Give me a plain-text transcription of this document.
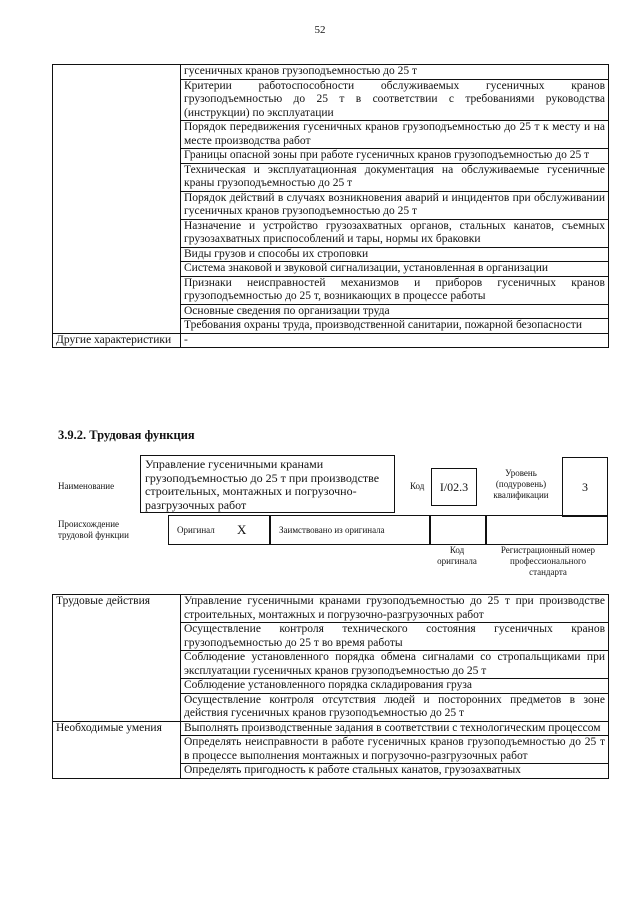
52
	гусеничных кранов грузоподъемностью до 25 т
	Критерии работоспособности обслуживаемых гусеничных кранов грузоподъемностью до 25 т в соответствии с требованиями руководства (инструкции) по эксплуатации
	Порядок передвижения гусеничных кранов грузоподъемностью до 25 т к месту и на месте производства работ
	Границы опасной зоны при работе гусеничных кранов грузоподъемностью до 25 т
	Техническая и эксплуатационная документация на обслуживаемые гусеничные краны грузоподъемностью до 25 т
	Порядок действий в случаях возникновения аварий и инцидентов при обслуживании гусеничных кранов грузоподъемностью до 25 т
	Назначение и устройство грузозахватных органов, стальных канатов, съемных грузозахватных приспособлений и тары, нормы их браковки
	Виды грузов и способы их строповки
	Система знаковой и звуковой сигнализации, установленная в организации
	Признаки неисправностей механизмов и приборов гусеничных кранов грузоподъемностью до 25 т, возникающих в процессе работы
	Основные сведения по организации труда
	Требования охраны труда, производственной санитарии, пожарной безопасности
Другие характеристики	-
3.9.2. Трудовая функция
Наименование
Управление гусеничными кранами грузоподъемностью до 25 т при производстве строительных, монтажных и погрузочно-разгрузочных работ
Код	I/02.3
Уровень (подуровень) квалификации
3
Происхождение трудовой функции	Оригинал X	Заимствовано из оригинала
Код оригинала
Регистрационный номер профессионального стандарта
Трудовые действия	Управление гусеничными кранами грузоподъемностью до 25 т при производстве строительных, монтажных и погрузочно-разгрузочных работ
	Осуществление контроля технического состояния гусеничных кранов грузоподъемностью до 25 т во время работы
	Соблюдение установленного порядка обмена сигналами со стропальщиками при эксплуатации гусеничных кранов грузоподъемностью до 25 т
	Соблюдение установленного порядка складирования груза
	Осуществление контроля отсутствия людей и посторонних предметов в зоне действия гусеничных кранов грузоподъемностью до 25 т
Необходимые умения	Выполнять производственные задания в соответствии с технологическим процессом
	Определять неисправности в работе гусеничных кранов грузоподъемностью до 25 т в процессе выполнения монтажных и погрузочно-разгрузочных работ
	Определять пригодность к работе стальных канатов, грузозахватных
